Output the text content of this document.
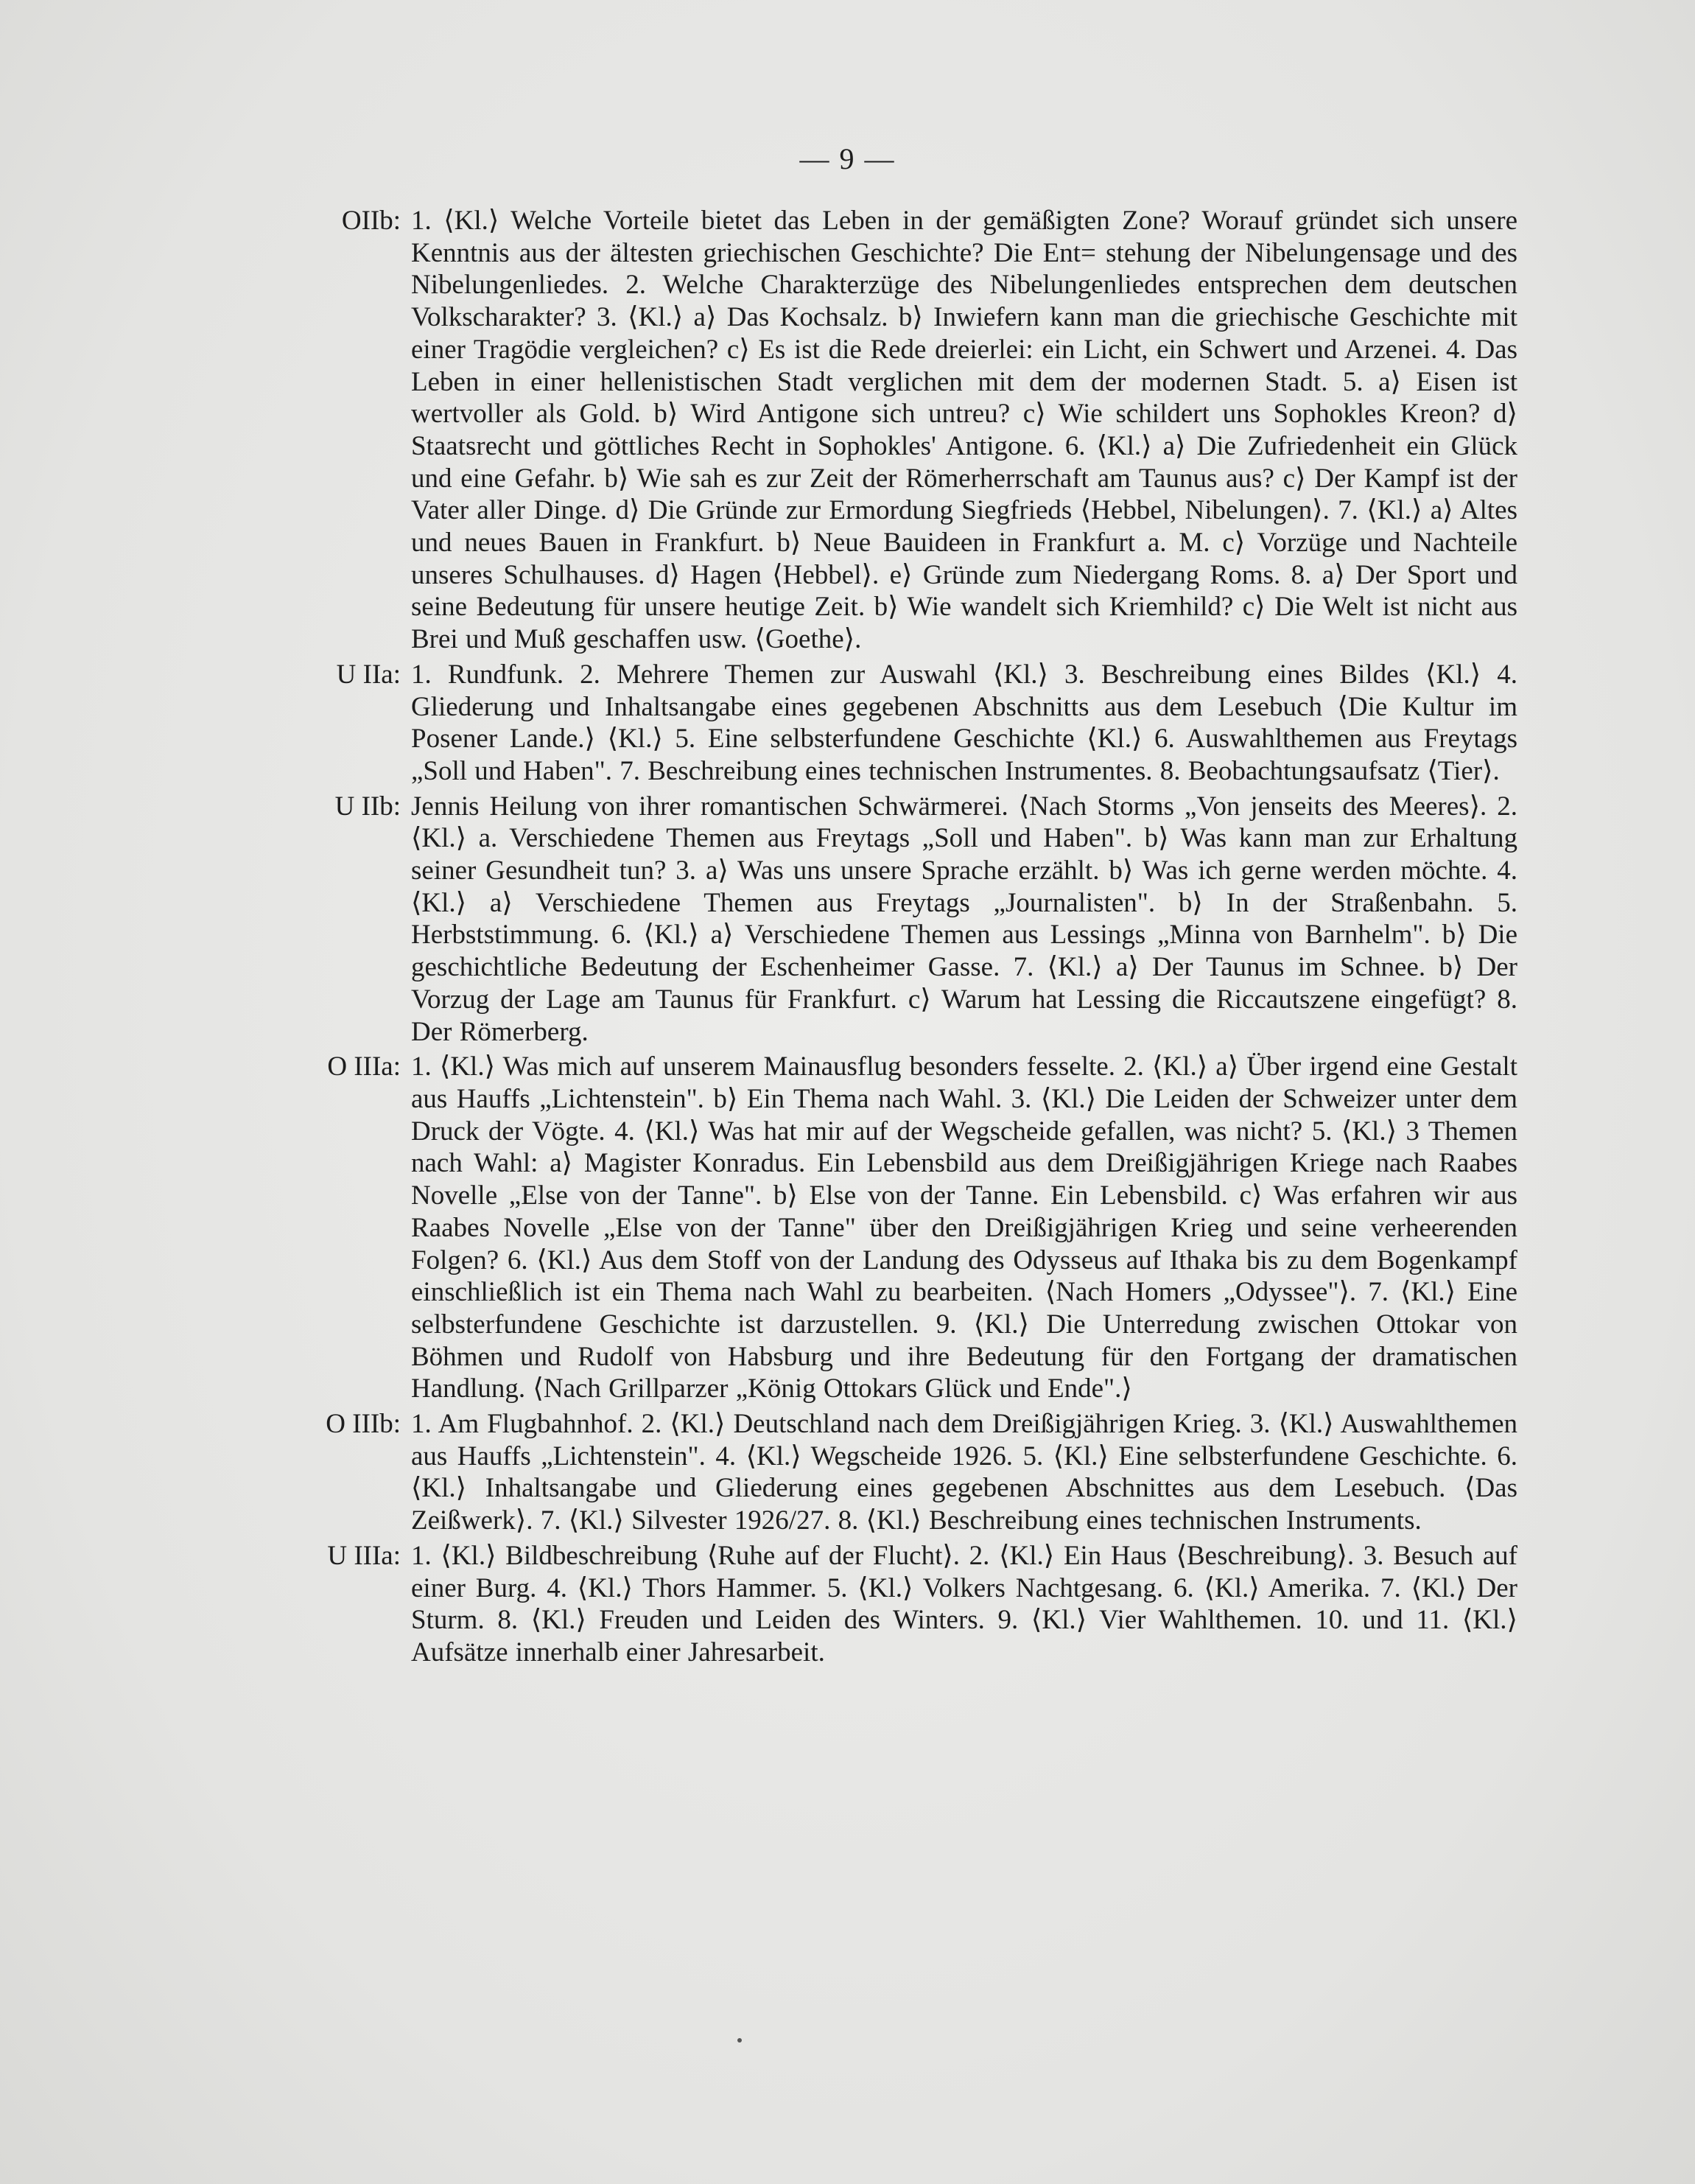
— 9 —
OIIb: 1. ⟨Kl.⟩ Welche Vorteile bietet das Leben in der gemäßigten Zone? Worauf gründet sich unsere Kenntnis aus der ältesten griechischen Geschichte? Die Ent= stehung der Nibelungensage und des Nibelungenliedes. 2. Welche Charakterzüge des Nibelungenliedes entsprechen dem deutschen Volkscharakter? 3. ⟨Kl.⟩ a⟩ Das Kochsalz. b⟩ Inwiefern kann man die griechische Geschichte mit einer Tragödie vergleichen? c⟩ Es ist die Rede dreierlei: ein Licht, ein Schwert und Arzenei. 4. Das Leben in einer hellenistischen Stadt verglichen mit dem der modernen Stadt. 5. a⟩ Eisen ist wertvoller als Gold. b⟩ Wird Antigone sich untreu? c⟩ Wie schildert uns Sophokles Kreon? d⟩ Staatsrecht und göttliches Recht in Sophokles' Antigone. 6. ⟨Kl.⟩ a⟩ Die Zufriedenheit ein Glück und eine Gefahr. b⟩ Wie sah es zur Zeit der Römerherrschaft am Taunus aus? c⟩ Der Kampf ist der Vater aller Dinge. d⟩ Die Gründe zur Ermordung Siegfrieds ⟨Hebbel, Nibelungen⟩. 7. ⟨Kl.⟩ a⟩ Altes und neues Bauen in Frankfurt. b⟩ Neue Bauideen in Frankfurt a. M. c⟩ Vorzüge und Nachteile unseres Schulhauses. d⟩ Hagen ⟨Hebbel⟩. e⟩ Gründe zum Niedergang Roms. 8. a⟩ Der Sport und seine Bedeutung für unsere heutige Zeit. b⟩ Wie wandelt sich Kriemhild? c⟩ Die Welt ist nicht aus Brei und Muß geschaffen usw. ⟨Goethe⟩.
U IIa: 1. Rundfunk. 2. Mehrere Themen zur Auswahl ⟨Kl.⟩ 3. Beschreibung eines Bildes ⟨Kl.⟩ 4. Gliederung und Inhaltsangabe eines gegebenen Abschnitts aus dem Lesebuch ⟨Die Kultur im Posener Lande.⟩ ⟨Kl.⟩ 5. Eine selbsterfundene Geschichte ⟨Kl.⟩ 6. Auswahlthemen aus Freytags „Soll und Haben". 7. Beschreibung eines technischen Instrumentes. 8. Beobachtungsaufsatz ⟨Tier⟩.
U IIb: Jennis Heilung von ihrer romantischen Schwärmerei. ⟨Nach Storms „Von jenseits des Meeres⟩. 2. ⟨Kl.⟩ a. Verschiedene Themen aus Freytags „Soll und Haben". b⟩ Was kann man zur Erhaltung seiner Gesundheit tun? 3. a⟩ Was uns unsere Sprache erzählt. b⟩ Was ich gerne werden möchte. 4. ⟨Kl.⟩ a⟩ Verschiedene Themen aus Freytags „Journalisten". b⟩ In der Straßenbahn. 5. Herbststimmung. 6. ⟨Kl.⟩ a⟩ Verschiedene Themen aus Lessings „Minna von Barnhelm". b⟩ Die geschichtliche Bedeutung der Eschenheimer Gasse. 7. ⟨Kl.⟩ a⟩ Der Taunus im Schnee. b⟩ Der Vorzug der Lage am Taunus für Frankfurt. c⟩ Warum hat Lessing die Riccautszene eingefügt? 8. Der Römerberg.
O IIIa: 1. ⟨Kl.⟩ Was mich auf unserem Mainausflug besonders fesselte. 2. ⟨Kl.⟩ a⟩ Über irgend eine Gestalt aus Hauffs „Lichtenstein". b⟩ Ein Thema nach Wahl. 3. ⟨Kl.⟩ Die Leiden der Schweizer unter dem Druck der Vögte. 4. ⟨Kl.⟩ Was hat mir auf der Wegscheide gefallen, was nicht? 5. ⟨Kl.⟩ 3 Themen nach Wahl: a⟩ Magister Konradus. Ein Lebensbild aus dem Dreißigjährigen Kriege nach Raabes Novelle „Else von der Tanne". b⟩ Else von der Tanne. Ein Lebensbild. c⟩ Was erfahren wir aus Raabes Novelle „Else von der Tanne" über den Dreißigjährigen Krieg und seine verheerenden Folgen? 6. ⟨Kl.⟩ Aus dem Stoff von der Landung des Odysseus auf Ithaka bis zu dem Bogenkampf einschließlich ist ein Thema nach Wahl zu bearbeiten. ⟨Nach Homers „Odyssee"⟩. 7. ⟨Kl.⟩ Eine selbsterfundene Geschichte ist darzustellen. 9. ⟨Kl.⟩ Die Unterredung zwischen Ottokar von Böhmen und Rudolf von Habsburg und ihre Bedeutung für den Fortgang der dramatischen Handlung. ⟨Nach Grillparzer „König Ottokars Glück und Ende".⟩
O IIIb: 1. Am Flugbahnhof. 2. ⟨Kl.⟩ Deutschland nach dem Dreißigjährigen Krieg. 3. ⟨Kl.⟩ Auswahlthemen aus Hauffs „Lichtenstein". 4. ⟨Kl.⟩ Wegscheide 1926. 5. ⟨Kl.⟩ Eine selbsterfundene Geschichte. 6. ⟨Kl.⟩ Inhaltsangabe und Gliederung eines gegebenen Abschnittes aus dem Lesebuch. ⟨Das Zeißwerk⟩. 7. ⟨Kl.⟩ Silvester 1926/27. 8. ⟨Kl.⟩ Beschreibung eines technischen Instruments.
U IIIa: 1. ⟨Kl.⟩ Bildbeschreibung ⟨Ruhe auf der Flucht⟩. 2. ⟨Kl.⟩ Ein Haus ⟨Beschreibung⟩. 3. Besuch auf einer Burg. 4. ⟨Kl.⟩ Thors Hammer. 5. ⟨Kl.⟩ Volkers Nachtgesang. 6. ⟨Kl.⟩ Amerika. 7. ⟨Kl.⟩ Der Sturm. 8. ⟨Kl.⟩ Freuden und Leiden des Winters. 9. ⟨Kl.⟩ Vier Wahlthemen. 10. und 11. ⟨Kl.⟩ Aufsätze innerhalb einer Jahresarbeit.
